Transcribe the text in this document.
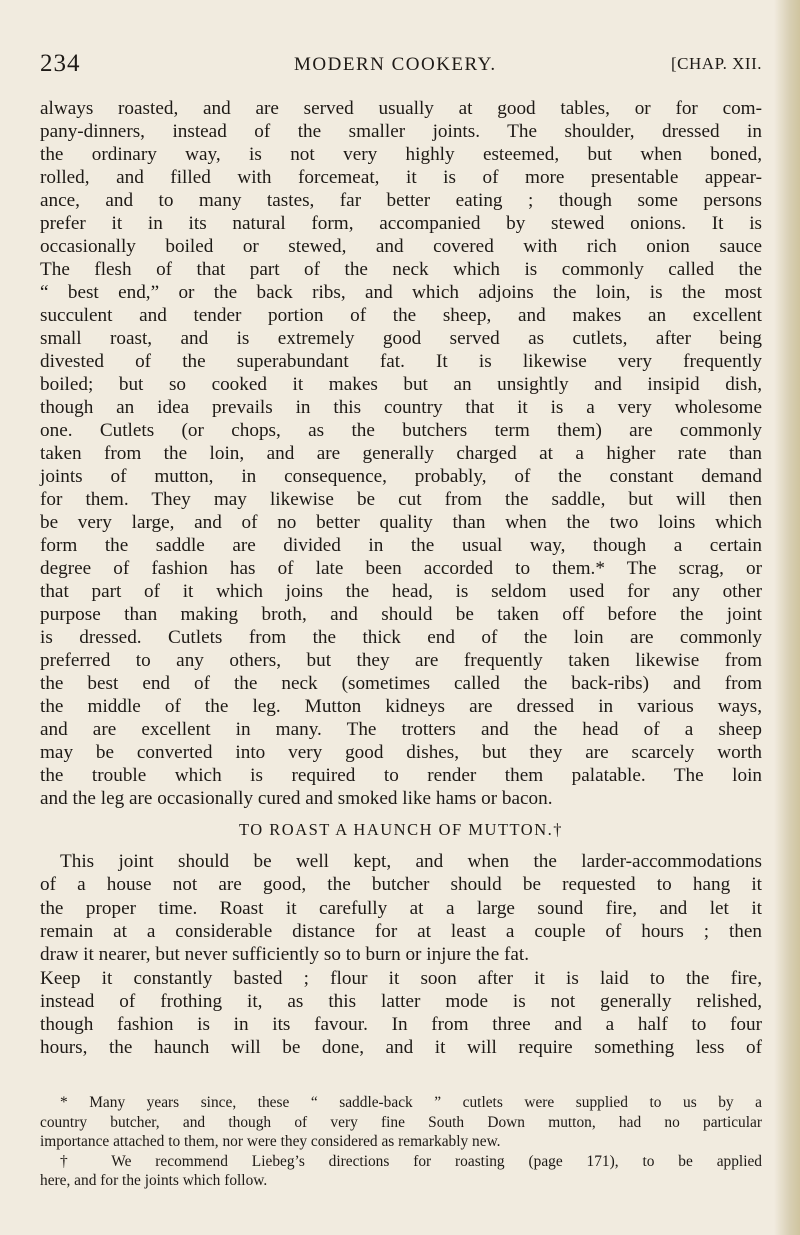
234	MODERN COOKERY.	[CHAP. XII.
always roasted, and are served usually at good tables, or for com-
pany-dinners, instead of the smaller joints. The shoulder, dressed in
the ordinary way, is not very highly esteemed, but when boned,
rolled, and filled with forcemeat, it is of more presentable appear-
ance, and to many tastes, far better eating ; though some persons
prefer it in its natural form, accompanied by stewed onions. It is
occasionally boiled or stewed, and covered with rich onion sauce
The flesh of that part of the neck which is commonly called the
“ best end,” or the back ribs, and which adjoins the loin, is the most
succulent and tender portion of the sheep, and makes an excellent
small roast, and is extremely good served as cutlets, after being
divested of the superabundant fat. It is likewise very frequently
boiled; but so cooked it makes but an unsightly and insipid dish,
though an idea prevails in this country that it is a very wholesome
one. Cutlets (or chops, as the butchers term them) are commonly
taken from the loin, and are generally charged at a higher rate than
joints of mutton, in consequence, probably, of the constant demand
for them. They may likewise be cut from the saddle, but will then
be very large, and of no better quality than when the two loins which
form the saddle are divided in the usual way, though a certain
degree of fashion has of late been accorded to them.* The scrag, or
that part of it which joins the head, is seldom used for any other
purpose than making broth, and should be taken off before the joint
is dressed. Cutlets from the thick end of the loin are commonly
preferred to any others, but they are frequently taken likewise from
the best end of the neck (sometimes called the back-ribs) and from
the middle of the leg. Mutton kidneys are dressed in various ways,
and are excellent in many. The trotters and the head of a sheep
may be converted into very good dishes, but they are scarcely worth
the trouble which is required to render them palatable. The loin
and the leg are occasionally cured and smoked like hams or bacon.
TO ROAST A HAUNCH OF MUTTON.†
This joint should be well kept, and when the larder-accommodations
of a house not are good, the butcher should be requested to hang it
the proper time. Roast it carefully at a large sound fire, and let it
remain at a considerable distance for at least a couple of hours ; then
draw it nearer, but never sufficiently so to burn or injure the fat.
Keep it constantly basted ; flour it soon after it is laid to the fire,
instead of frothing it, as this latter mode is not generally relished,
though fashion is in its favour. In from three and a half to four
hours, the haunch will be done, and it will require something less of
* Many years since, these “ saddle-back ” cutlets were supplied to us by a
country butcher, and though of very fine South Down mutton, had no particular
importance attached to them, nor were they considered as remarkably new.
† We recommend Liebeg’s directions for roasting (page 171), to be applied
here, and for the joints which follow.
